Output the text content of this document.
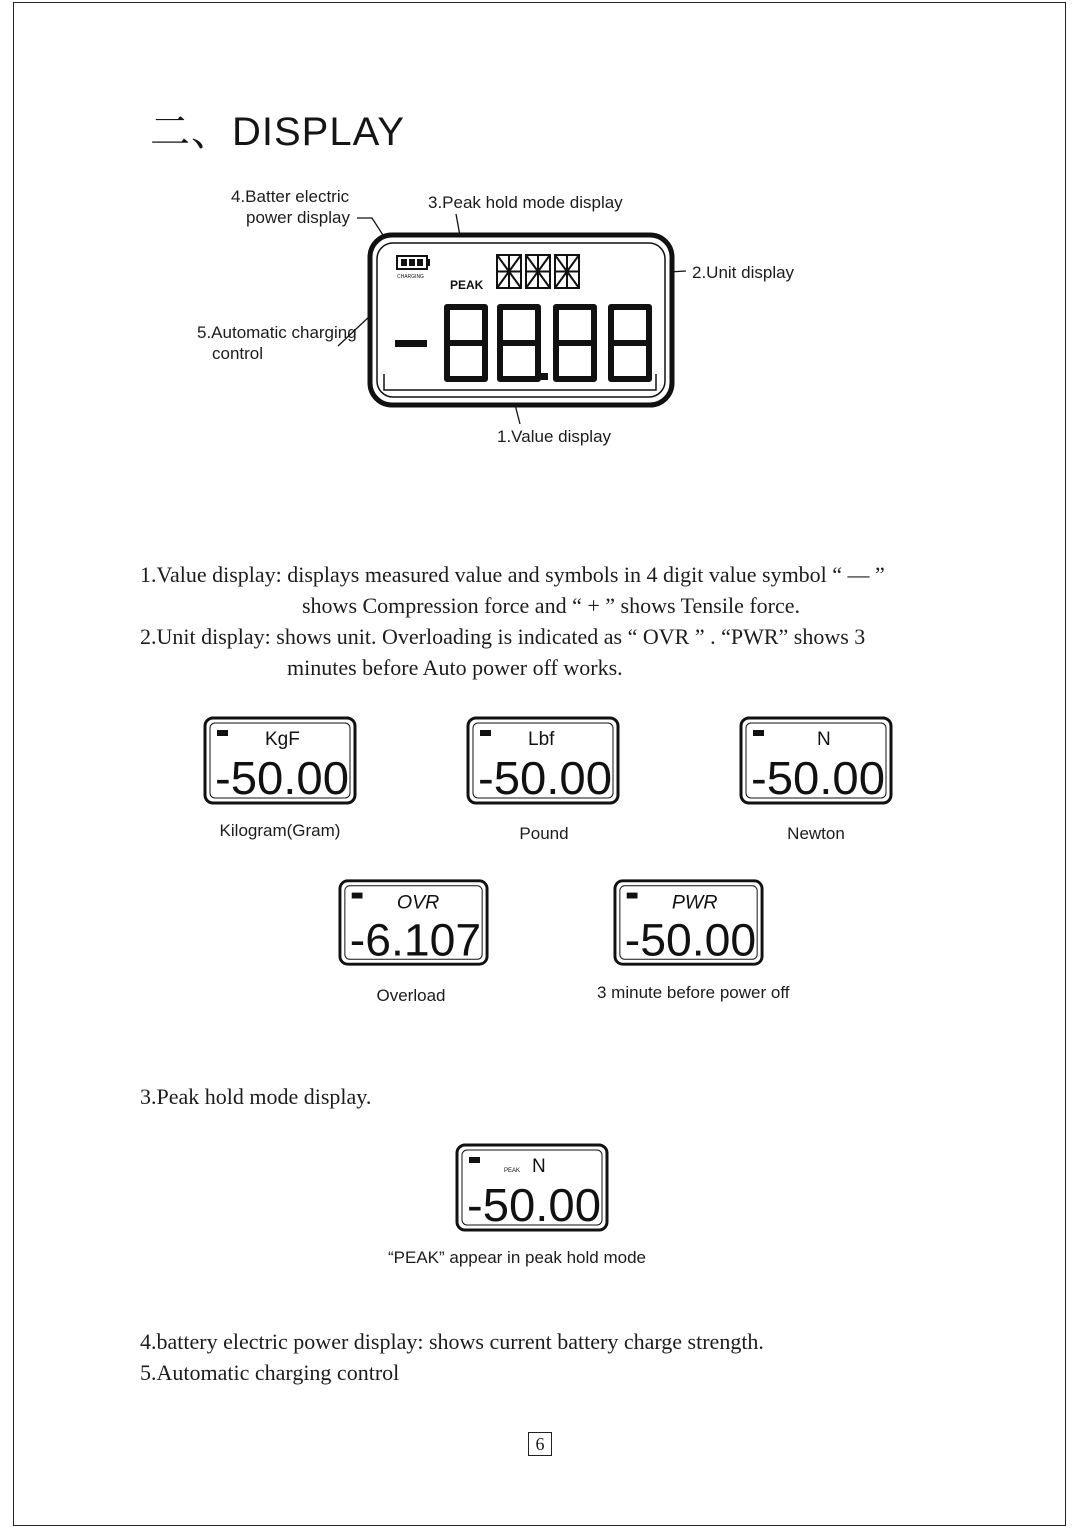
二、DISPLAY
4.Batter electric
power display
3.Peak hold mode display
2.Unit display
5.Automatic charging
control
1.Value display
CHARGING
PEAK
1.Value display: displays measured value and symbols in 4 digit value symbol “ — ”
shows Compression force and “ + ” shows Tensile force.
2.Unit display: shows unit. Overloading is indicated as “ OVR ” . “PWR” shows 3
minutes before Auto power off works.
KgF
-50.00
Kilogram(Gram)
Lbf
-50.00
Pound
N
-50.00
Newton
OVR
-6.107
Overload
PWR
-50.00
3 minute before power off
3.Peak hold mode display.
PEAK N
-50.00
“PEAK” appear in peak hold mode
4.battery electric power display: shows current battery charge strength.
5.Automatic charging control
6
